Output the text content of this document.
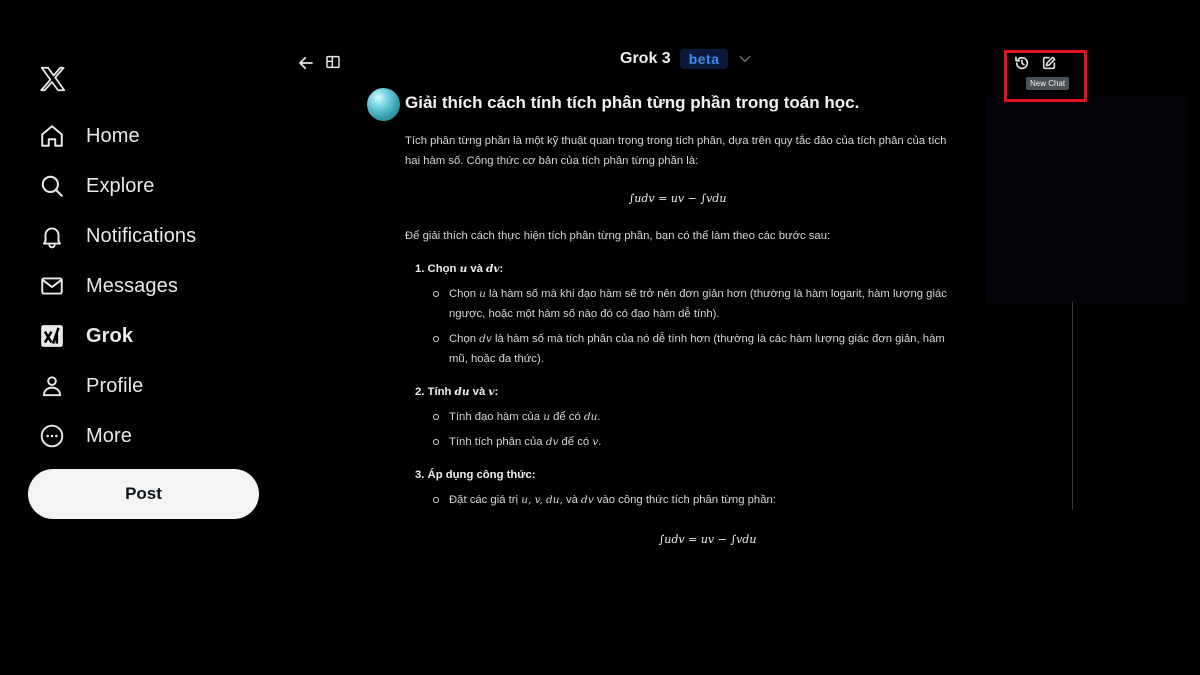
Home
Explore
Notifications
Messages
Grok
Profile
More
Post
Grok 3	beta
New Chat
Giải thích cách tính tích phân từng phần trong toán học.

Tích phân từng phần là một kỹ thuật quan trọng trong tích phân, dựa trên quy tắc đảo của tích phân của tích hai hàm số. Công thức cơ bản của tích phân từng phần là:

∫udv = uv − ∫vdu

Để giải thích cách thực hiện tích phân từng phần, bạn có thể làm theo các bước sau:

1. Chọn u và dv:
Chọn u là hàm số mà khi đạo hàm sẽ trở nên đơn giản hơn (thường là hàm logarit, hàm lượng giác ngược, hoặc một hàm số nào đó có đạo hàm dễ tính).
Chọn dv là hàm số mà tích phân của nó dễ tính hơn (thường là các hàm lượng giác đơn giản, hàm mũ, hoặc đa thức).
2. Tính du và v:
Tính đạo hàm của u để có du.
Tính tích phân của dv để có v.
3. Áp dụng công thức:
Đặt các giá trị u, v, du, và dv vào công thức tích phân từng phần:
∫udv = uv − ∫vdu
